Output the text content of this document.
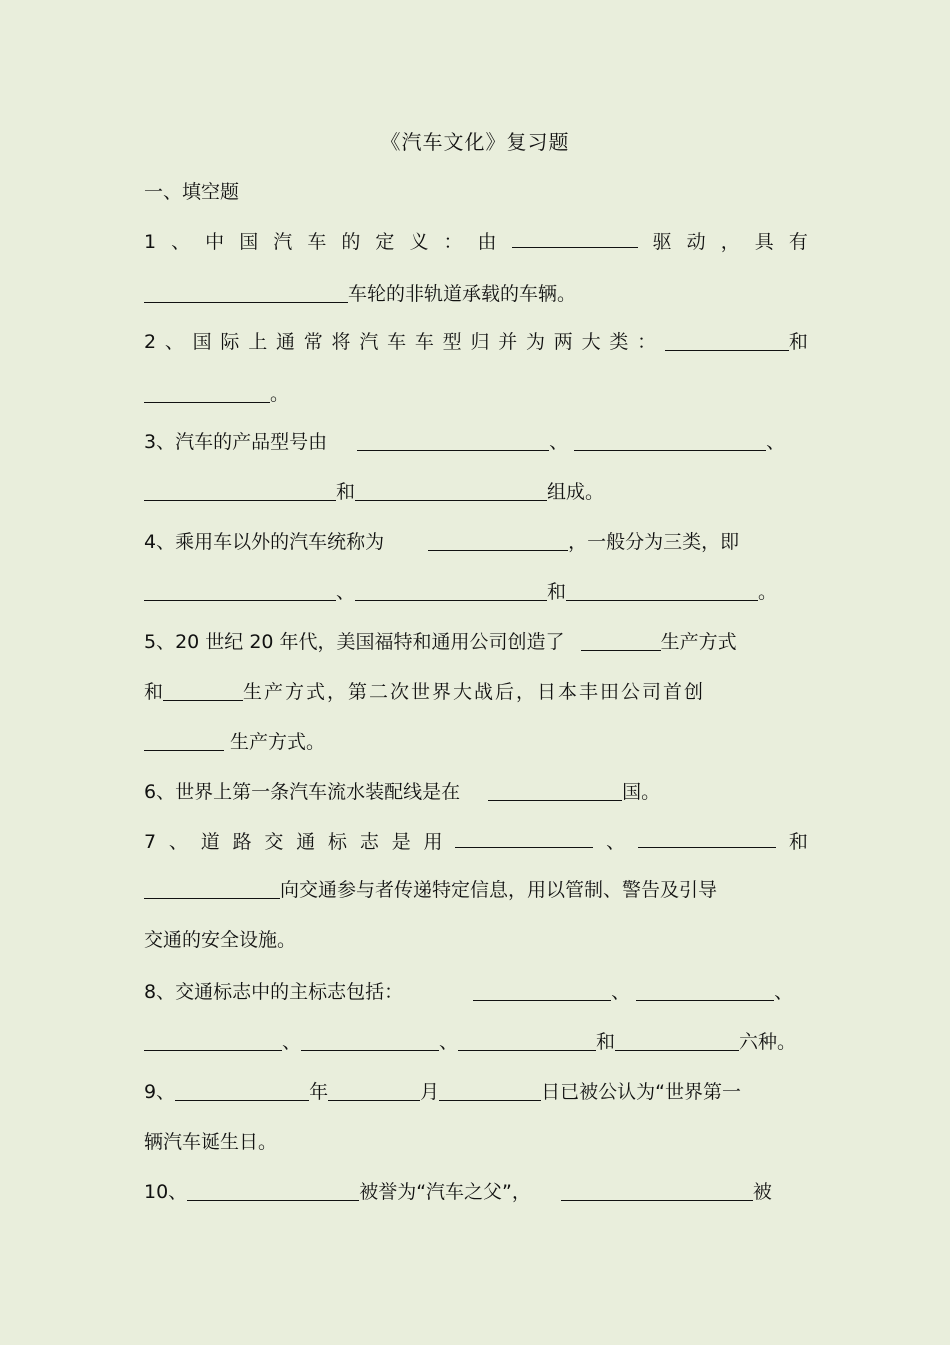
《汽车文化》复习题
一、填空题
1 、 中 国 汽 车 的 定 义 ： 由	驱 动 ， 具 有
车轮的非轨道承载的车辆。
2 、 国 际 上 通 常 将 汽 车 车 型 归 并 为 两 大 类 ：	和
。
3、汽车的产品型号由	、	、
和	组成。
4、乘用车以外的汽车统称为	，一般分为三类，即
、	和	。
5、20 世纪 20 年代，美国福特和通用公司创造了	生产方式
和	生产方式，第二次世界大战后，日本丰田公司首创
生产方式。
6、世界上第一条汽车流水装配线是在	国。
7 、 道 路 交 通 标 志 是 用	、	和
向交通参与者传递特定信息，用以管制、警告及引导
交通的安全设施。
8、交通标志中的主标志包括：	、	、
、	、	和	六种。
9、	年	月	日已被公认为“世界第一
辆汽车诞生日。
10、	被誉为“汽车之父”，	被
